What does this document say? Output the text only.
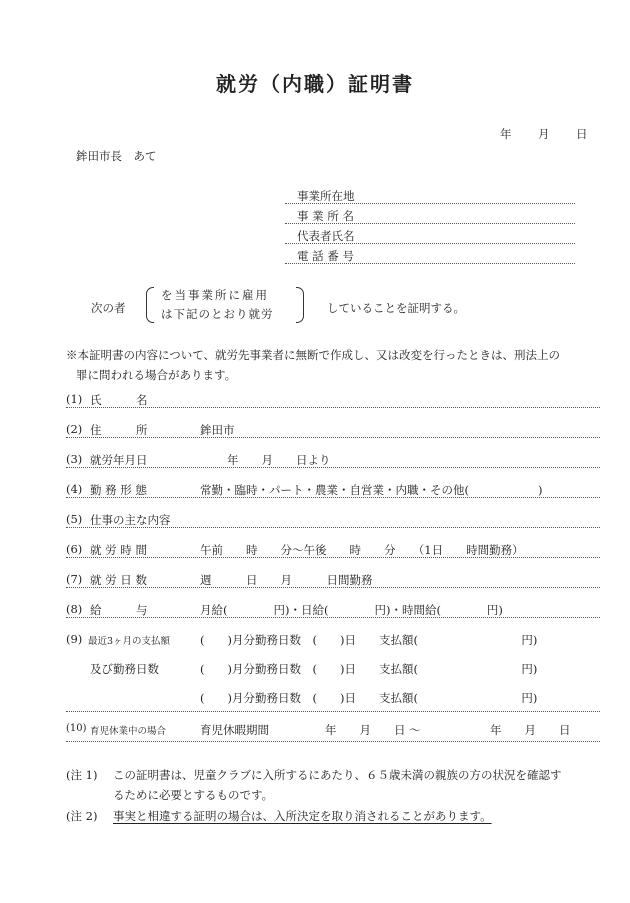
就労（内職）証明書
年 月 日
鉾田市長　あて
事業所在地
事 業 所 名
代表者氏名
電 話 番 号
次の者
を当事業所に雇用
は下記のとおり就労	していることを証明する。
※本証明書の内容について、就労先事業者に無断で作成し、又は改変を行ったときは、刑法上の
罪に問われる場合があります。
(1) 氏　　　名
(2) 住　　　所	鉾田市
(3) 就労年月日	年　　月　　日より
(4) 勤 務 形 態	常勤・臨時・パート・農業・自営業・内職・その他(　　　　　　)
(5) 仕事の主な内容
(6) 就 労 時 間	午前　　時　　分～午後　　時　　分　　（1日　　時間勤務）
(7) 就 労 日 数	週　　　日　　月　　　日間勤務
(8) 給　　　与	月給(　　　　円)・日給(　　　　円)・時間給(　　　　円)
(9) 最近3ヶ月の支払額	(　　)月分勤務日数　(　　)日　　支払額(　　　　　　　　　円)
及び勤務日数	(　　)月分勤務日数　(　　)日　　支払額(　　　　　　　　　円)
(　　)月分勤務日数　(　　)日　　支払額(　　　　　　　　　円)
(10) 育児休業中の場合	育児休暇期間	年　　月　　日 ～	年　　月　　日
(注 1) この証明書は、児童クラブに入所するにあたり、６５歳未満の親族の方の状況を確認す
るために必要とするものです。
(注 2) 事実と相違する証明の場合は、入所決定を取り消されることがあります。
